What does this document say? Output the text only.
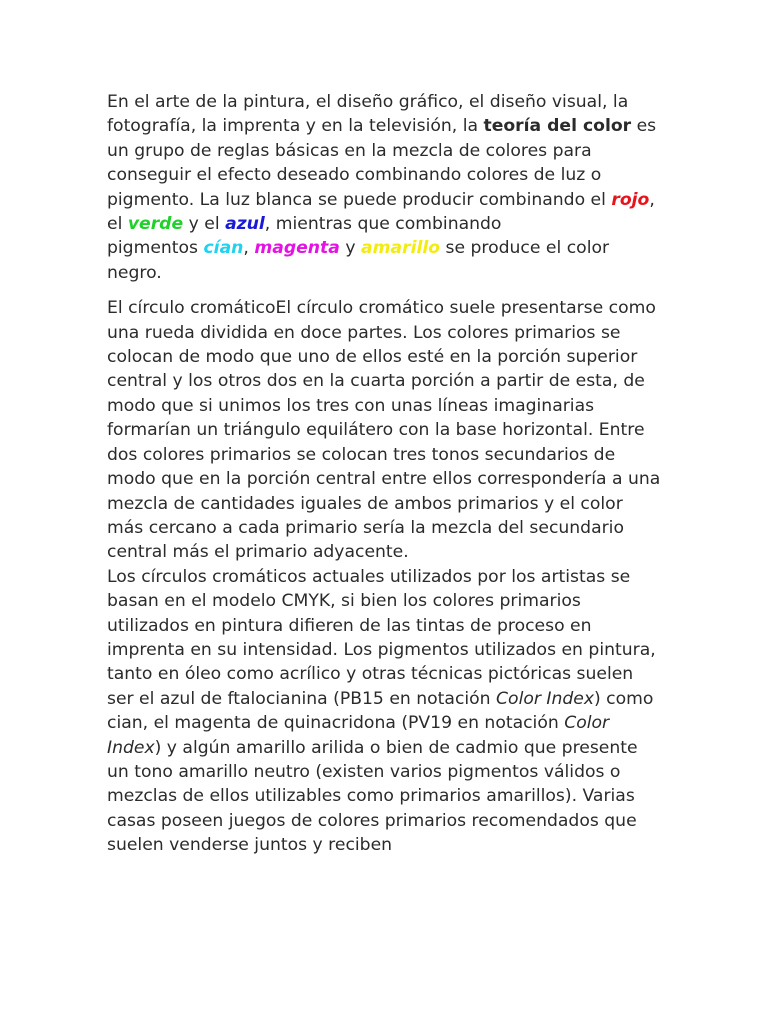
En el arte de la pintura, el diseño gráfico, el diseño visual, la fotografía, la imprenta y en la televisión, la teoría del color es un grupo de reglas básicas en la mezcla de colores para conseguir el efecto deseado combinando colores de luz o pigmento. La luz blanca se puede producir combinando el rojo, el verde y el azul, mientras que combinando
pigmentos cían, magenta y amarillo se produce el color negro.

El círculo cromáticoEl círculo cromático suele presentarse como una rueda dividida en doce partes. Los colores primarios se colocan de modo que uno de ellos esté en la porción superior central y los otros dos en la cuarta porción a partir de esta, de modo que si unimos los tres con unas líneas imaginarias formarían un triángulo equilátero con la base horizontal. Entre dos colores primarios se colocan tres tonos secundarios de modo que en la porción central entre ellos correspondería a una mezcla de cantidades iguales de ambos primarios y el color más cercano a cada primario sería la mezcla del secundario central más el primario adyacente.

Los círculos cromáticos actuales utilizados por los artistas se basan en el modelo CMYK, si bien los colores primarios utilizados en pintura difieren de las tintas de proceso en imprenta en su intensidad. Los pigmentos utilizados en pintura, tanto en óleo como acrílico y otras técnicas pictóricas suelen ser el azul de ftalocianina (PB15 en notación Color Index) como cian, el magenta de quinacridona (PV19 en notación Color Index) y algún amarillo arilida o bien de cadmio que presente un tono amarillo neutro (existen varios pigmentos válidos o mezclas de ellos utilizables como primarios amarillos). Varias casas poseen juegos de colores primarios recomendados que suelen venderse juntos y reciben
